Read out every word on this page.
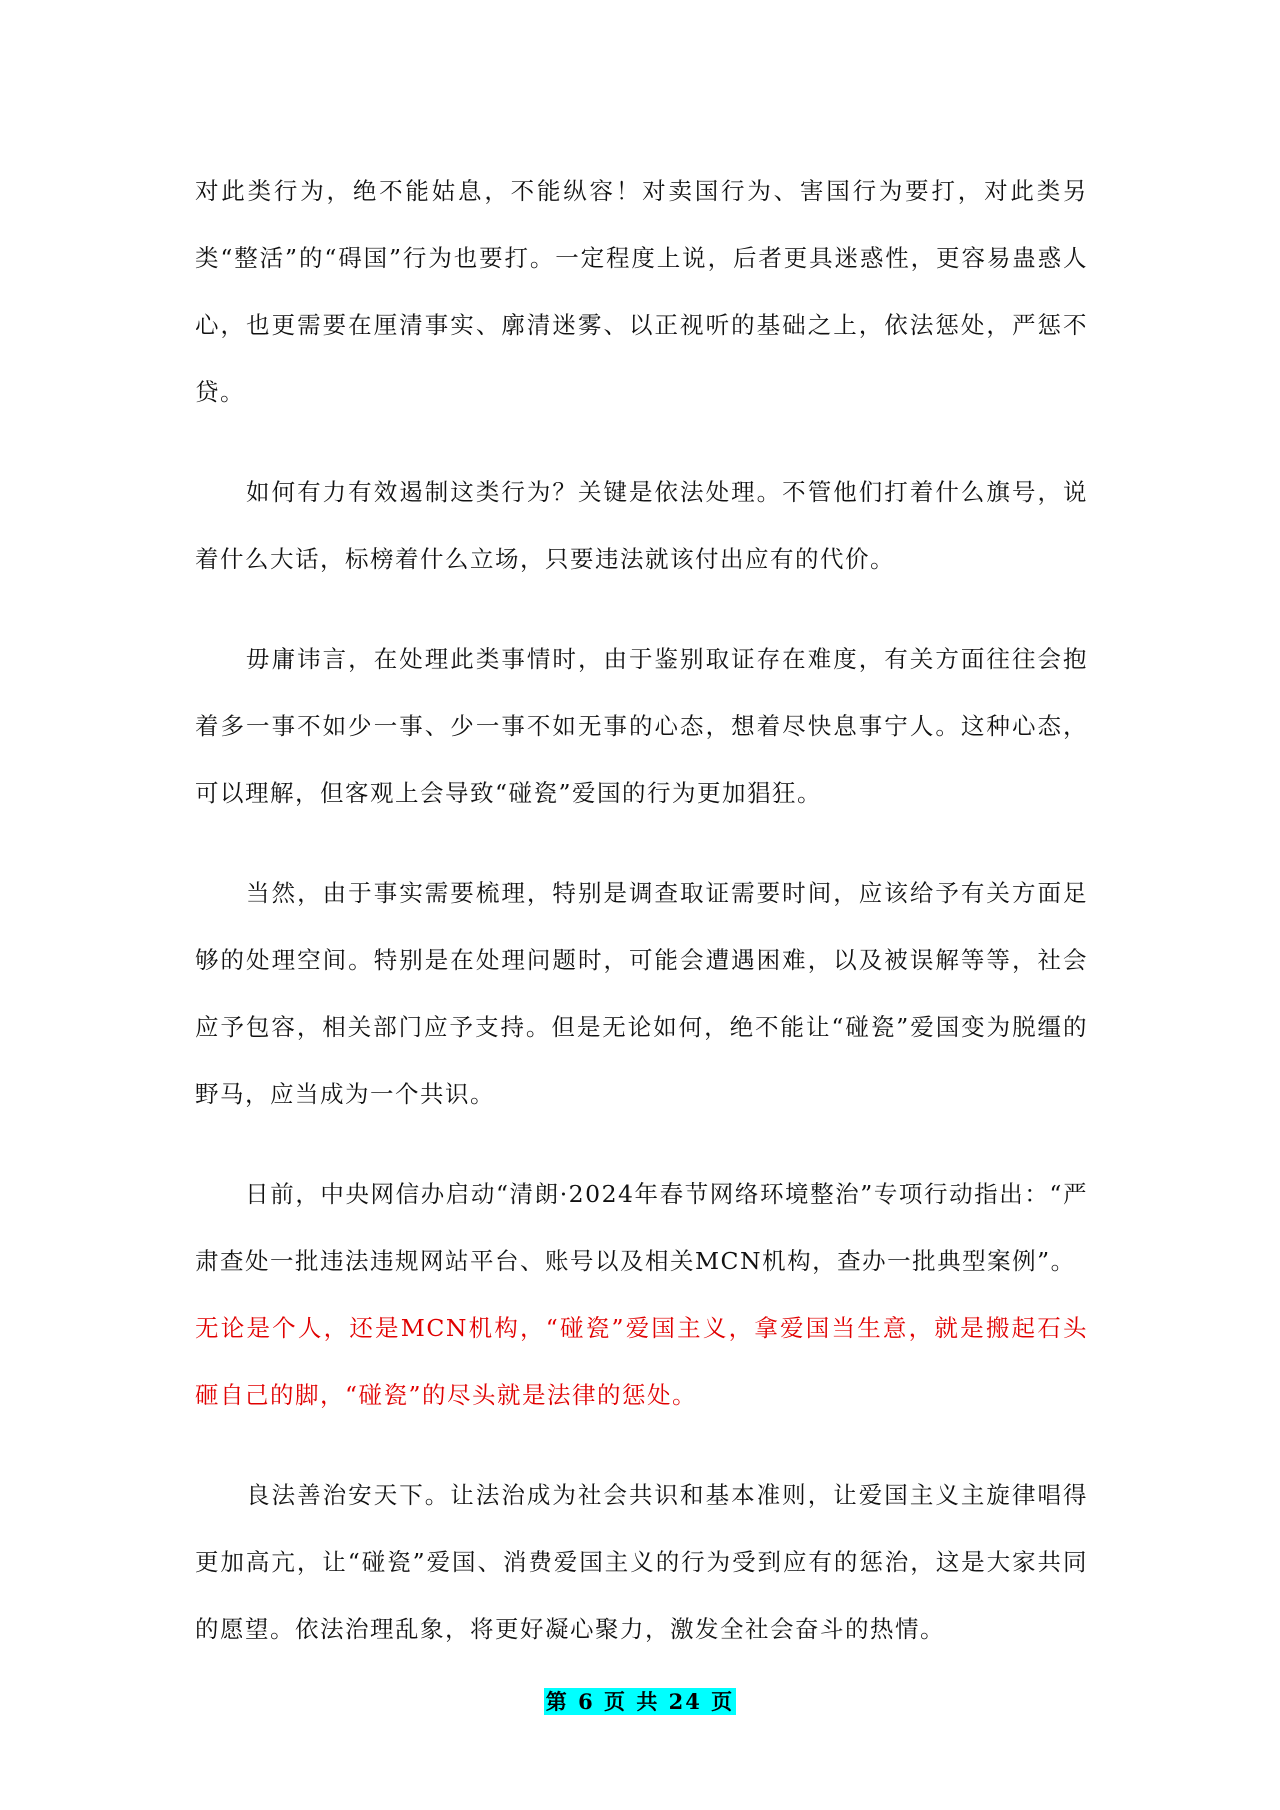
对此类行为，绝不能姑息，不能纵容！对卖国行为、害国行为要打，对此类另类“整活”的“碍国”行为也要打。一定程度上说，后者更具迷惑性，更容易蛊惑人心，也更需要在厘清事实、廓清迷雾、以正视听的基础之上，依法惩处，严惩不贷。

　　如何有力有效遏制这类行为？关键是依法处理。不管他们打着什么旗号，说着什么大话，标榜着什么立场，只要违法就该付出应有的代价。

　　毋庸讳言，在处理此类事情时，由于鉴别取证存在难度，有关方面往往会抱着多一事不如少一事、少一事不如无事的心态，想着尽快息事宁人。这种心态，可以理解，但客观上会导致“碰瓷”爱国的行为更加猖狂。

　　当然，由于事实需要梳理，特别是调查取证需要时间，应该给予有关方面足够的处理空间。特别是在处理问题时，可能会遭遇困难，以及被误解等等，社会应予包容，相关部门应予支持。但是无论如何，绝不能让“碰瓷”爱国变为脱缰的野马，应当成为一个共识。

　　日前，中央网信办启动“清朗·2024年春节网络环境整治”专项行动指出：“严肃查处一批违法违规网站平台、账号以及相关MCN机构，查办一批典型案例”。

无论是个人，还是MCN机构，“碰瓷”爱国主义，拿爱国当生意，就是搬起石头砸自己的脚，“碰瓷”的尽头就是法律的惩处。

　　良法善治安天下。让法治成为社会共识和基本准则，让爱国主义主旋律唱得更加高亢，让“碰瓷”爱国、消费爱国主义的行为受到应有的惩治，这是大家共同的愿望。依法治理乱象，将更好凝心聚力，激发全社会奋斗的热情。

第 6 页 共 24 页
